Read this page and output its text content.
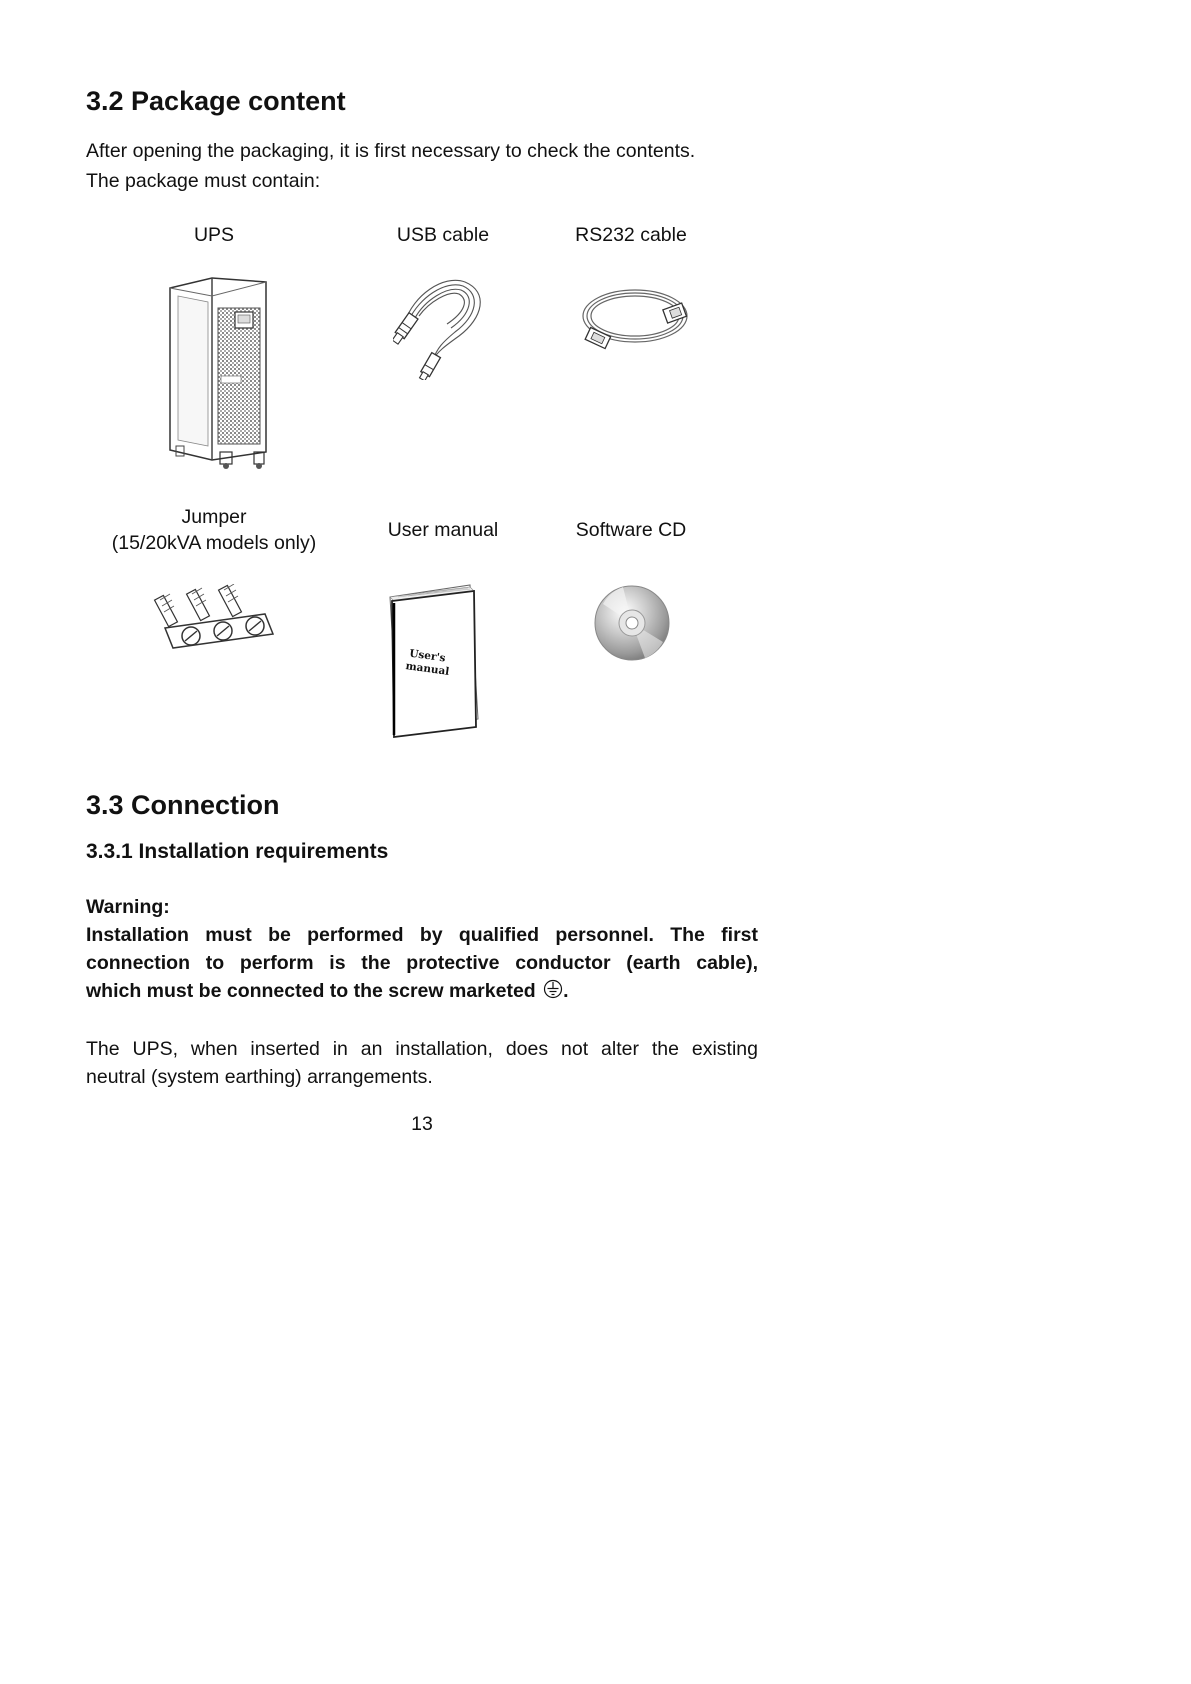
3.2 Package content
After opening the packaging, it is first necessary to check the contents.
The package must contain:
UPS	USB cable	RS232 cable
Jumper
(15/20kVA models only)
User manual	Software CD
User's
manual
3.3 Connection
3.3.1 Installation requirements
Warning:
Installation must be performed by qualified personnel. The first
connection to perform is the protective conductor (earth cable),
which must be connected to the screw marketed .
The UPS, when inserted in an installation, does not alter the existing
neutral (system earthing) arrangements.
13
